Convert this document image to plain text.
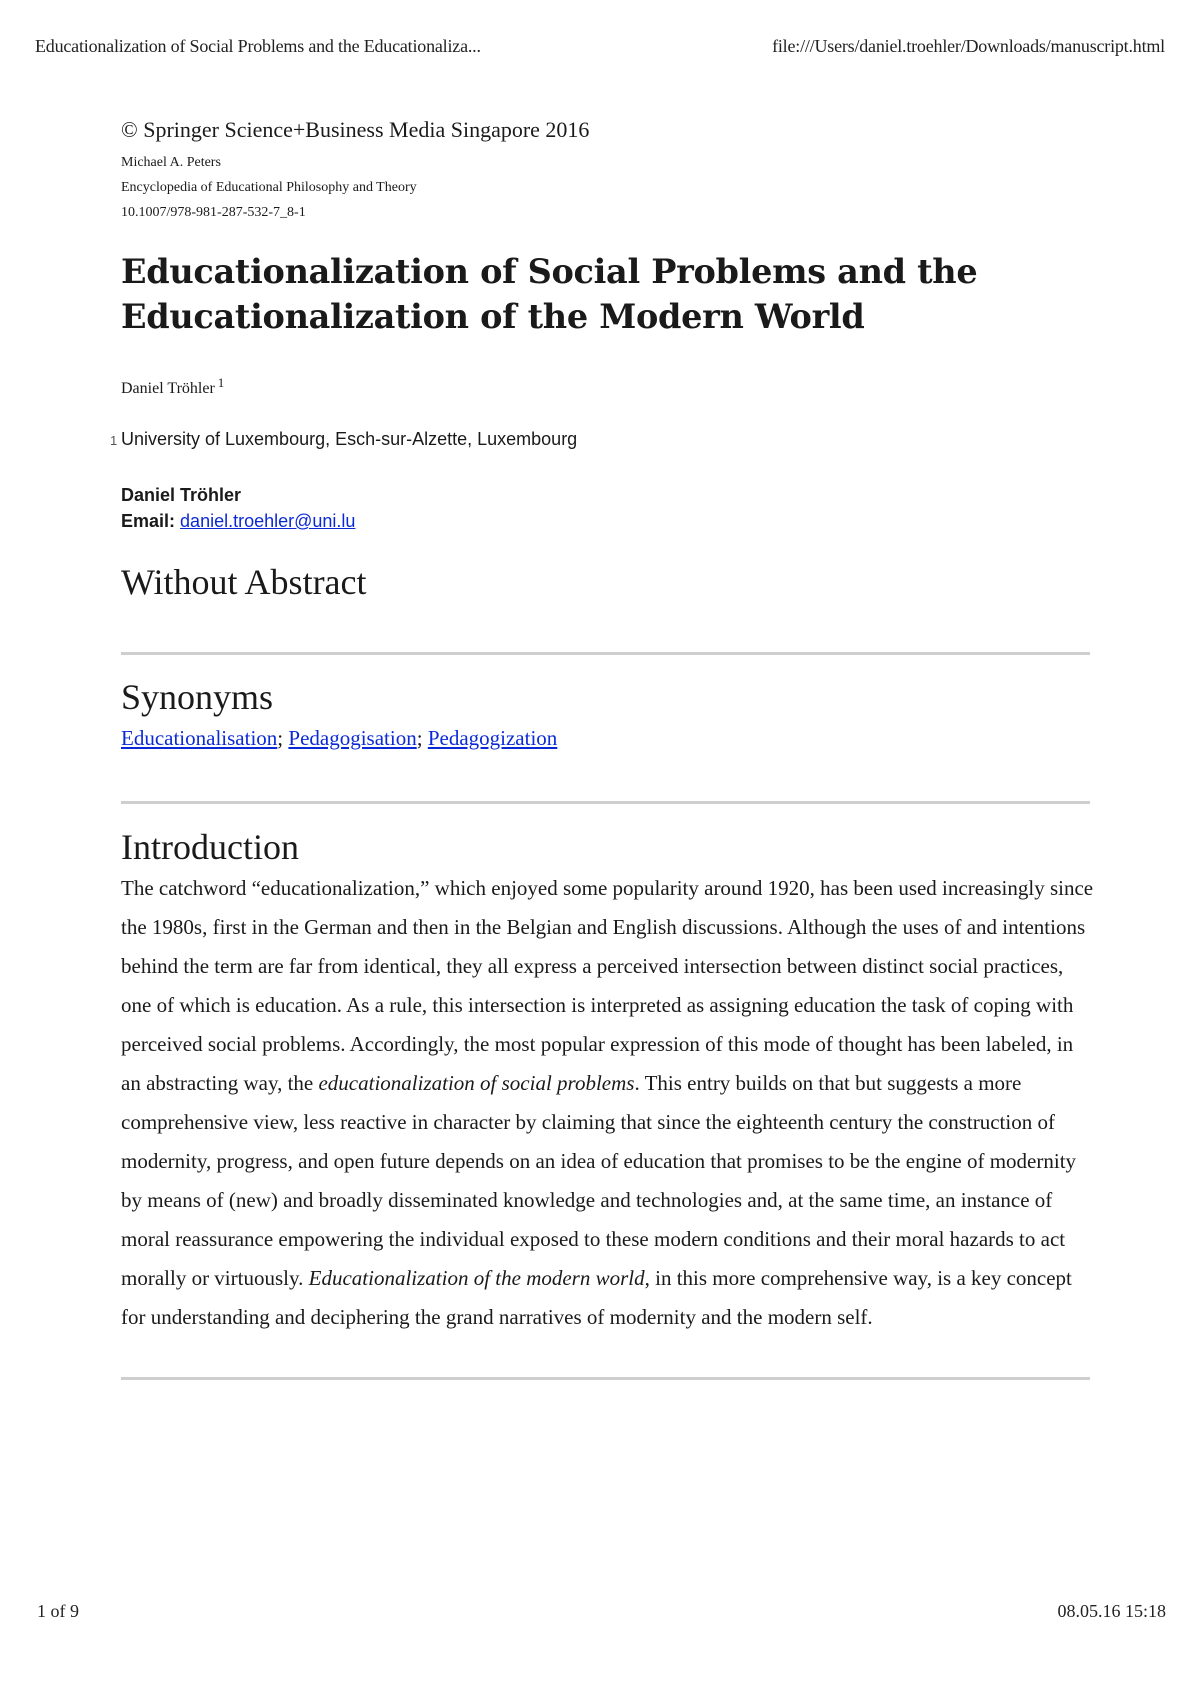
Educationalization of Social Problems and the Educationaliza...	file:///Users/daniel.troehler/Downloads/manuscript.html
© Springer Science+Business Media Singapore 2016
Michael A. Peters
Encyclopedia of Educational Philosophy and Theory
10.1007/978-981-287-532-7_8-1
Educationalization of Social Problems and the
Educationalization of the Modern World
Daniel Tröhler $^1$
1 University of Luxembourg, Esch-sur-Alzette, Luxembourg
Daniel Tröhler
Email: daniel.troehler@uni.lu
Without Abstract
Synonyms
Educationalisation; Pedagogisation; Pedagogization
Introduction

The catchword “educationalization,” which enjoyed some popularity around 1920, has been used increasingly since the 1980s, first in the German and then in the Belgian and English discussions. Although the uses of and intentions behind the term are far from identical, they all express a perceived intersection between distinct social practices, one of which is education. As a rule, this intersection is interpreted as assigning education the task of coping with perceived social problems. Accordingly, the most popular expression of this mode of thought has been labeled, in an abstracting way, the educationalization of social problems. This entry builds on that but suggests a more comprehensive view, less reactive in character by claiming that since the eighteenth century the construction of modernity, progress, and open future depends on an idea of education that promises to be the engine of modernity by means of (new) and broadly disseminated knowledge and technologies and, at the same time, an instance of moral reassurance empowering the individual exposed to these modern conditions and their moral hazards to act morally or virtuously. Educationalization of the modern world, in this more comprehensive way, is a key concept for understanding and deciphering the grand narratives of modernity and the modern self.

1 of 9	08.05.16 15:18
